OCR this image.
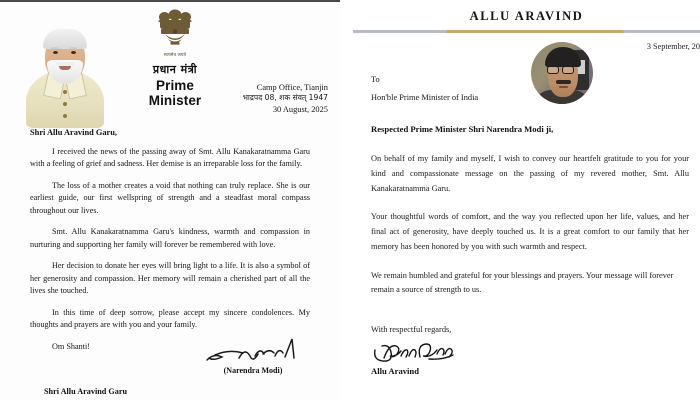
सत्यमेव जयते
प्रधान मंत्री
Prime Minister
Camp Office, Tianjin
भाद्रपद 08, शक संवत् 1947
30 August, 2025
Shri Allu Aravind Garu,

I received the news of the passing away of Smt. Allu Kanakaratnamma Garu with a feeling of grief and sadness. Her demise is an irreparable loss for the family.

The loss of a mother creates a void that nothing can truly replace. She is our earliest guide, our first wellspring of strength and a steadfast moral compass throughout our lives.

Smt. Allu Kanakaratnamma Garu's kindness, warmth and compassion in nurturing and supporting her family will forever be remembered with love.

Her decision to donate her eyes will bring light to a life. It is also a symbol of her generosity and compassion. Her memory will remain a cherished part of all the lives she touched.

In this time of deep sorrow, please accept my sincere condolences. My thoughts and prayers are with you and your family.

Om Shanti!

(Narendra Modi)
Shri Allu Aravind Garu
ALLU ARAVIND
3 September, 20
To
Hon'ble Prime Minister of India
Respected Prime Minister Shri Narendra Modi ji,

On behalf of my family and myself, I wish to convey our heartfelt gratitude to you for your kind and compassionate message on the passing of my revered mother, Smt. Allu Kanakaratnamma Garu.

Your thoughtful words of comfort, and the way you reflected upon her life, values, and her final act of generosity, have deeply touched us. It is a great comfort to our family that her memory has been honored by you with such warmth and respect.

We remain humbled and grateful for your blessings and prayers. Your message will forever remain a source of strength to us.

With respectful regards,
Allu Aravind
